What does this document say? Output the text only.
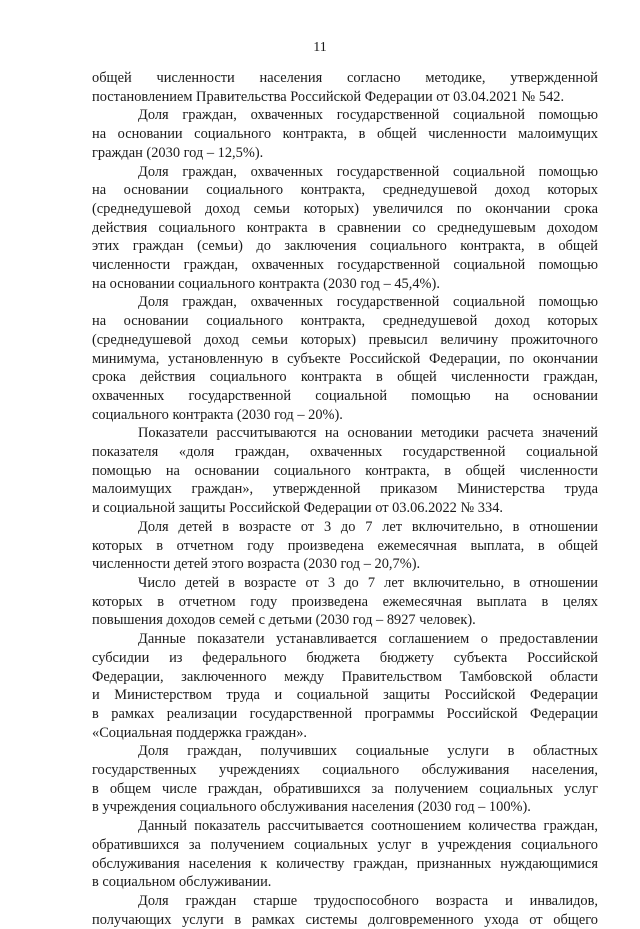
11

общей численности населения согласно методике, утвержденной

постановлением Правительства Российской Федерации от 03.04.2021 № 542.

Доля граждан, охваченных государственной социальной помощью

на основании социального контракта, в общей численности малоимущих

граждан (2030 год – 12,5%).

Доля граждан, охваченных государственной социальной помощью

на основании социального контракта, среднедушевой доход которых

(среднедушевой доход семьи которых) увеличился по окончании срока

действия социального контракта в сравнении со среднедушевым доходом

этих граждан (семьи) до заключения социального контракта, в общей

численности граждан, охваченных государственной социальной помощью

на основании социального контракта (2030 год – 45,4%).

Доля граждан, охваченных государственной социальной помощью

на основании социального контракта, среднедушевой доход которых

(среднедушевой доход семьи которых) превысил величину прожиточного

минимума, установленную в субъекте Российской Федерации, по окончании

срока действия социального контракта в общей численности граждан,

охваченных государственной социальной помощью на основании

социального контракта (2030 год – 20%).

Показатели рассчитываются на основании методики расчета значений

показателя «доля граждан, охваченных государственной социальной

помощью на основании социального контракта, в общей численности

малоимущих граждан», утвержденной приказом Министерства труда

и социальной защиты Российской Федерации от 03.06.2022 № 334.

Доля детей в возрасте от 3 до 7 лет включительно, в отношении

которых в отчетном году произведена ежемесячная выплата, в общей

численности детей этого возраста (2030 год – 20,7%).

Число детей в возрасте от 3 до 7 лет включительно, в отношении

которых в отчетном году произведена ежемесячная выплата в целях

повышения доходов семей с детьми (2030 год – 8927 человек).

Данные показатели устанавливается соглашением о предоставлении

субсидии из федерального бюджета бюджету субъекта Российской

Федерации, заключенного между Правительством Тамбовской области

и Министерством труда и социальной защиты Российской Федерации

в рамках реализации государственной программы Российской Федерации

«Социальная поддержка граждан».

Доля граждан, получивших социальные услуги в областных

государственных учреждениях социального обслуживания населения,

в общем числе граждан, обратившихся за получением социальных услуг

в учреждения социального обслуживания населения (2030 год – 100%).

Данный показатель рассчитывается соотношением количества граждан,

обратившихся за получением социальных услуг в учреждения социального

обслуживания населения к количеству граждан, признанных нуждающимися

в социальном обслуживании.

Доля граждан старше трудоспособного возраста и инвалидов,

получающих услуги в рамках системы долговременного ухода от общего
